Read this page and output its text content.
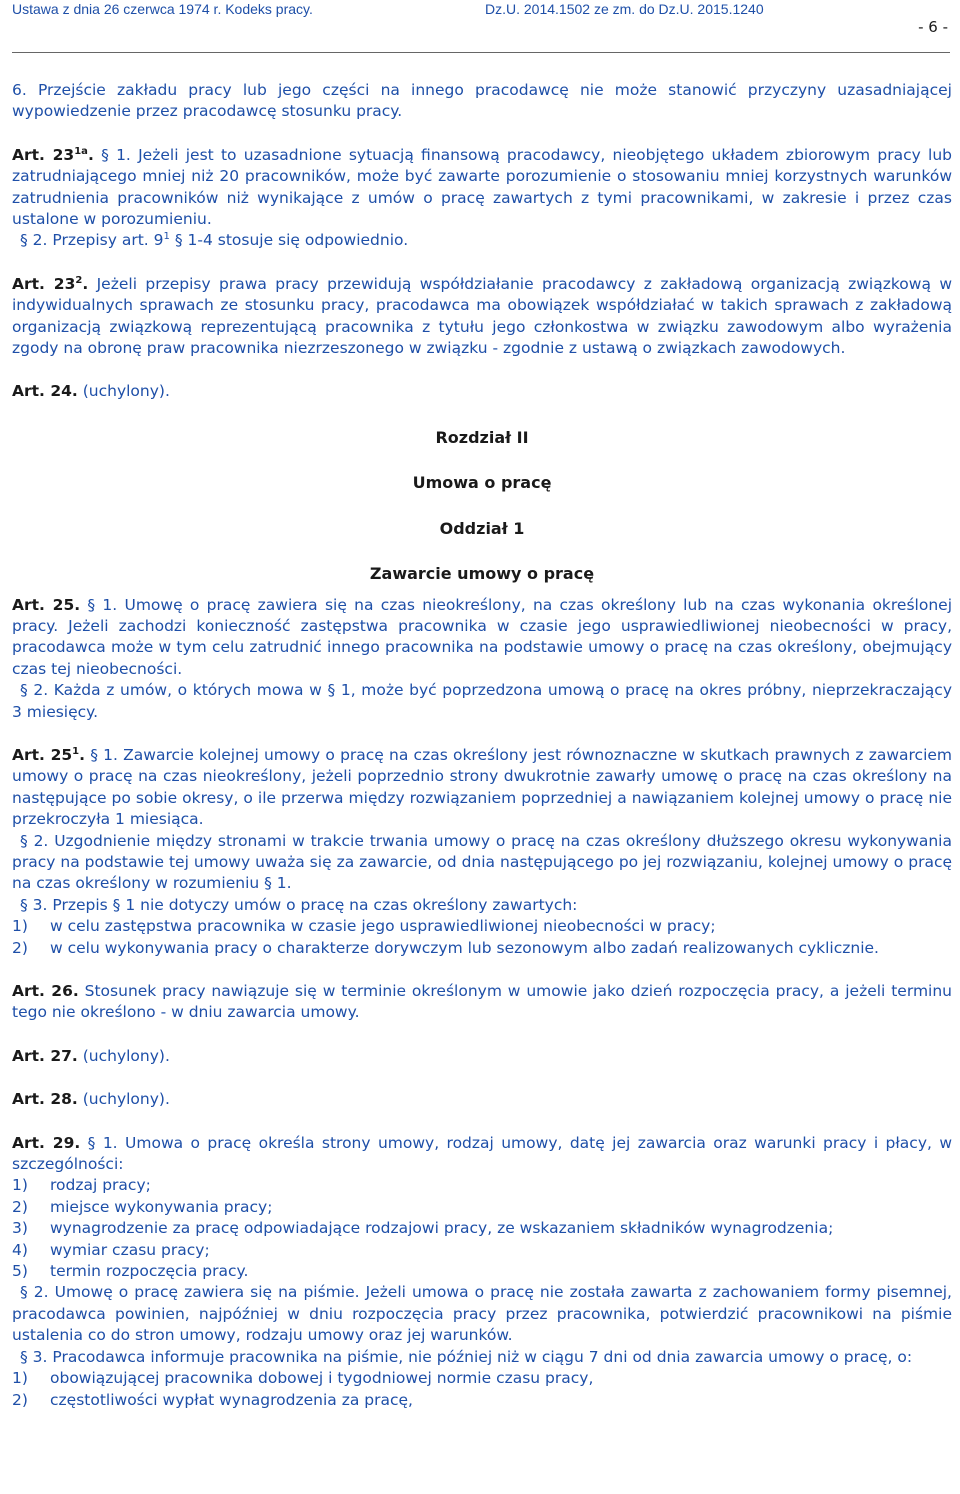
Ustawa z dnia 26 czerwca 1974 r. Kodeks pracy.	Dz.U. 2014.1502 ze zm. do Dz.U. 2015.1240
- 6 -

6. Przejście zakładu pracy lub jego części na innego pracodawcę nie może stanowić przyczyny uzasadniającej wypowiedzenie przez pracodawcę stosunku pracy.

Art. $23^{1a}$. § 1. Jeżeli jest to uzasadnione sytuacją finansową pracodawcy, nieobjętego układem zbiorowym pracy lub zatrudniającego mniej niż 20 pracowników, może być zawarte porozumienie o stosowaniu mniej korzystnych warunków zatrudnienia pracowników niż wynikające z umów o pracę zawartych z tymi pracownikami, w zakresie i przez czas ustalone w porozumieniu.

§ 2. Przepisy art. $9^1$ § 1-4 stosuje się odpowiednio.

Art. $23^2$. Jeżeli przepisy prawa pracy przewidują współdziałanie pracodawcy z zakładową organizacją związkową w indywidualnych sprawach ze stosunku pracy, pracodawca ma obowiązek współdziałać w takich sprawach z zakładową organizacją związkową reprezentującą pracownika z tytułu jego członkostwa w związku zawodowym albo wyrażenia zgody na obronę praw pracownika niezrzeszonego w związku - zgodnie z ustawą o związkach zawodowych.

Art. 24. (uchylony).

Rozdział II

Umowa o pracę

Oddział 1

Zawarcie umowy o pracę

Art. 25. § 1. Umowę o pracę zawiera się na czas nieokreślony, na czas określony lub na czas wykonania określonej pracy. Jeżeli zachodzi konieczność zastępstwa pracownika w czasie jego usprawiedliwionej nieobecności w pracy, pracodawca może w tym celu zatrudnić innego pracownika na podstawie umowy o pracę na czas określony, obejmujący czas tej nieobecności.

§ 2. Każda z umów, o których mowa w § 1, może być poprzedzona umową o pracę na okres próbny, nieprzekraczający 3 miesięcy.

Art. $25^1$. § 1. Zawarcie kolejnej umowy o pracę na czas określony jest równoznaczne w skutkach prawnych z zawarciem umowy o pracę na czas nieokreślony, jeżeli poprzednio strony dwukrotnie zawarły umowę o pracę na czas określony na następujące po sobie okresy, o ile przerwa między rozwiązaniem poprzedniej a nawiązaniem kolejnej umowy o pracę nie przekroczyła 1 miesiąca.

§ 2. Uzgodnienie między stronami w trakcie trwania umowy o pracę na czas określony dłuższego okresu wykonywania pracy na podstawie tej umowy uważa się za zawarcie, od dnia następującego po jej rozwiązaniu, kolejnej umowy o pracę na czas określony w rozumieniu § 1.

§ 3. Przepis § 1 nie dotyczy umów o pracę na czas określony zawartych:

1) w celu zastępstwa pracownika w czasie jego usprawiedliwionej nieobecności w pracy;

2) w celu wykonywania pracy o charakterze dorywczym lub sezonowym albo zadań realizowanych cyklicznie.

Art. 26. Stosunek pracy nawiązuje się w terminie określonym w umowie jako dzień rozpoczęcia pracy, a jeżeli terminu tego nie określono - w dniu zawarcia umowy.

Art. 27. (uchylony).

Art. 28. (uchylony).

Art. 29. § 1. Umowa o pracę określa strony umowy, rodzaj umowy, datę jej zawarcia oraz warunki pracy i płacy, w szczególności:

1) rodzaj pracy;

2) miejsce wykonywania pracy;

3) wynagrodzenie za pracę odpowiadające rodzajowi pracy, ze wskazaniem składników wynagrodzenia;

4) wymiar czasu pracy;

5) termin rozpoczęcia pracy.

§ 2. Umowę o pracę zawiera się na piśmie. Jeżeli umowa o pracę nie została zawarta z zachowaniem formy pisemnej, pracodawca powinien, najpóźniej w dniu rozpoczęcia pracy przez pracownika, potwierdzić pracownikowi na piśmie ustalenia co do stron umowy, rodzaju umowy oraz jej warunków.

§ 3. Pracodawca informuje pracownika na piśmie, nie później niż w ciągu 7 dni od dnia zawarcia umowy o pracę, o:

1) obowiązującej pracownika dobowej i tygodniowej normie czasu pracy,

2) częstotliwości wypłat wynagrodzenia za pracę,
